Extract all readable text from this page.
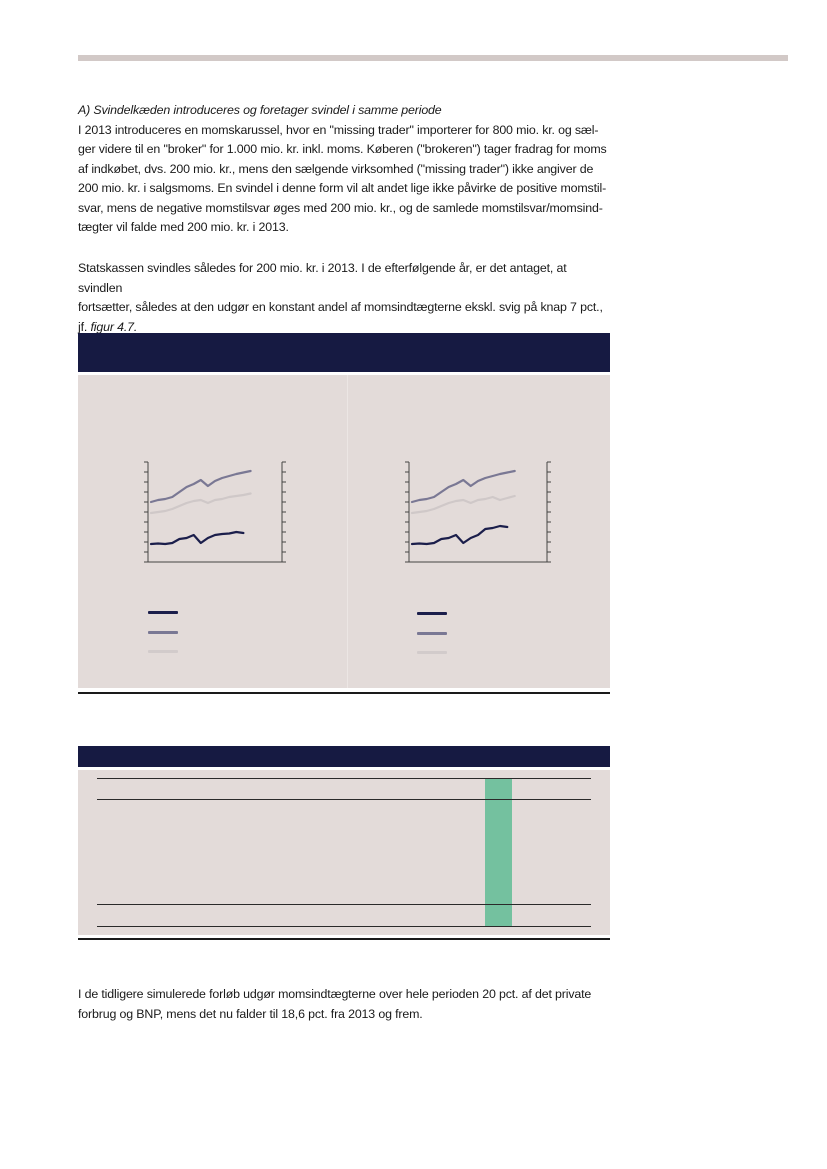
A) Svindelkæden introduceres og foretager svindel i samme periode
I 2013 introduceres en momskarussel, hvor en "missing trader" importerer for 800 mio. kr. og sæl-
ger videre til en "broker" for 1.000 mio. kr. inkl. moms. Køberen ("brokeren") tager fradrag for moms
af indkøbet, dvs. 200 mio. kr., mens den sælgende virksomhed ("missing trader") ikke angiver de
200 mio. kr. i salgsmoms. En svindel i denne form vil alt andet lige ikke påvirke de positive momstil-
svar, mens de negative momstilsvar øges med 200 mio. kr., og de samlede momstilsvar/momsind-
tægter vil falde med 200 mio. kr. i 2013.
Statskassen svindles således for 200 mio. kr. i 2013. I de efterfølgende år, er det antaget, at svindlen
fortsætter, således at den udgør en konstant andel af momsindtægterne ekskl. svig på knap 7 pct.,
jf. figur 4.7.
I de tidligere simulerede forløb udgør momsindtægterne over hele perioden 20 pct. af det private
forbrug og BNP, mens det nu falder til 18,6 pct. fra 2013 og frem.
